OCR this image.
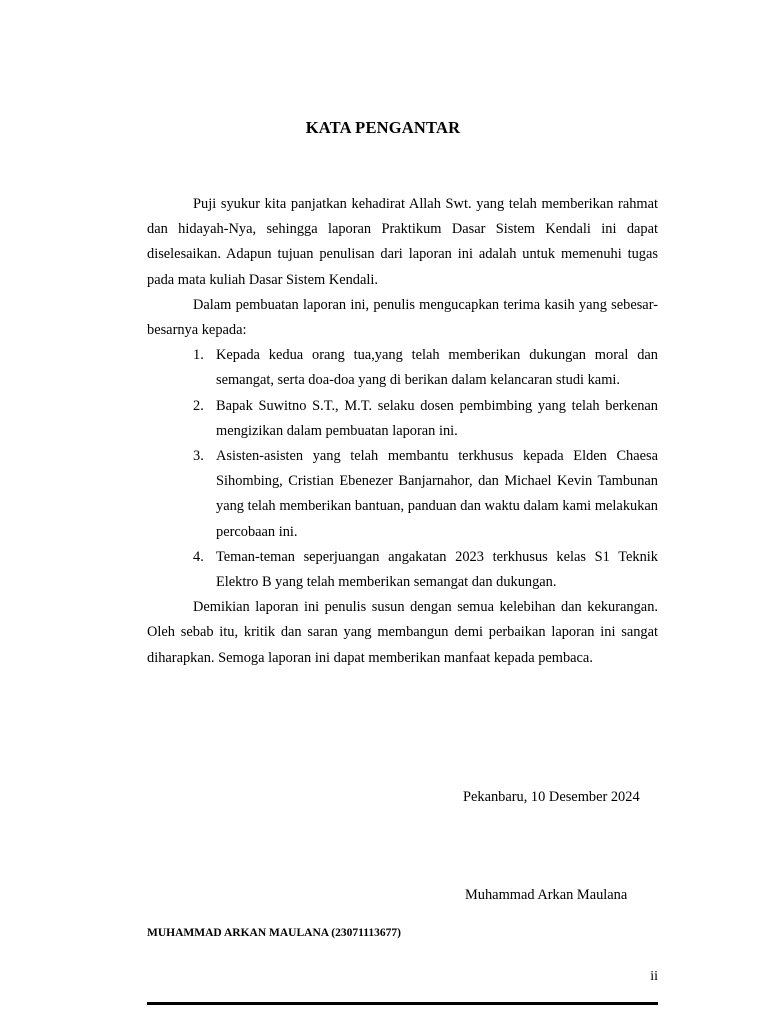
KATA PENGANTAR

Puji syukur kita panjatkan kehadirat Allah Swt. yang telah memberikan rahmat dan hidayah-Nya, sehingga laporan Praktikum Dasar Sistem Kendali ini dapat diselesaikan. Adapun tujuan penulisan dari laporan ini adalah untuk memenuhi tugas pada mata kuliah Dasar Sistem Kendali.

Dalam pembuatan laporan ini, penulis mengucapkan terima kasih yang sebesar-besarnya kepada:

1. Kepada kedua orang tua,yang telah memberikan dukungan moral dan semangat, serta doa-doa yang di berikan dalam kelancaran studi kami.
2. Bapak Suwitno S.T., M.T. selaku dosen pembimbing yang telah berkenan mengizikan dalam pembuatan laporan ini.
3. Asisten-asisten yang telah membantu terkhusus kepada Elden Chaesa Sihombing, Cristian Ebenezer Banjarnahor, dan Michael Kevin Tambunan yang telah memberikan bantuan, panduan dan waktu dalam kami melakukan percobaan ini.
4. Teman-teman seperjuangan angakatan 2023 terkhusus kelas S1 Teknik Elektro B yang telah memberikan semangat dan dukungan.

Demikian laporan ini penulis susun dengan semua kelebihan dan kekurangan. Oleh sebab itu, kritik dan saran yang membangun demi perbaikan laporan ini sangat diharapkan. Semoga laporan ini dapat memberikan manfaat kepada pembaca.

Pekanbaru, 10 Desember 2024
Muhammad Arkan Maulana
MUHAMMAD ARKAN MAULANA (23071113677)
ii
